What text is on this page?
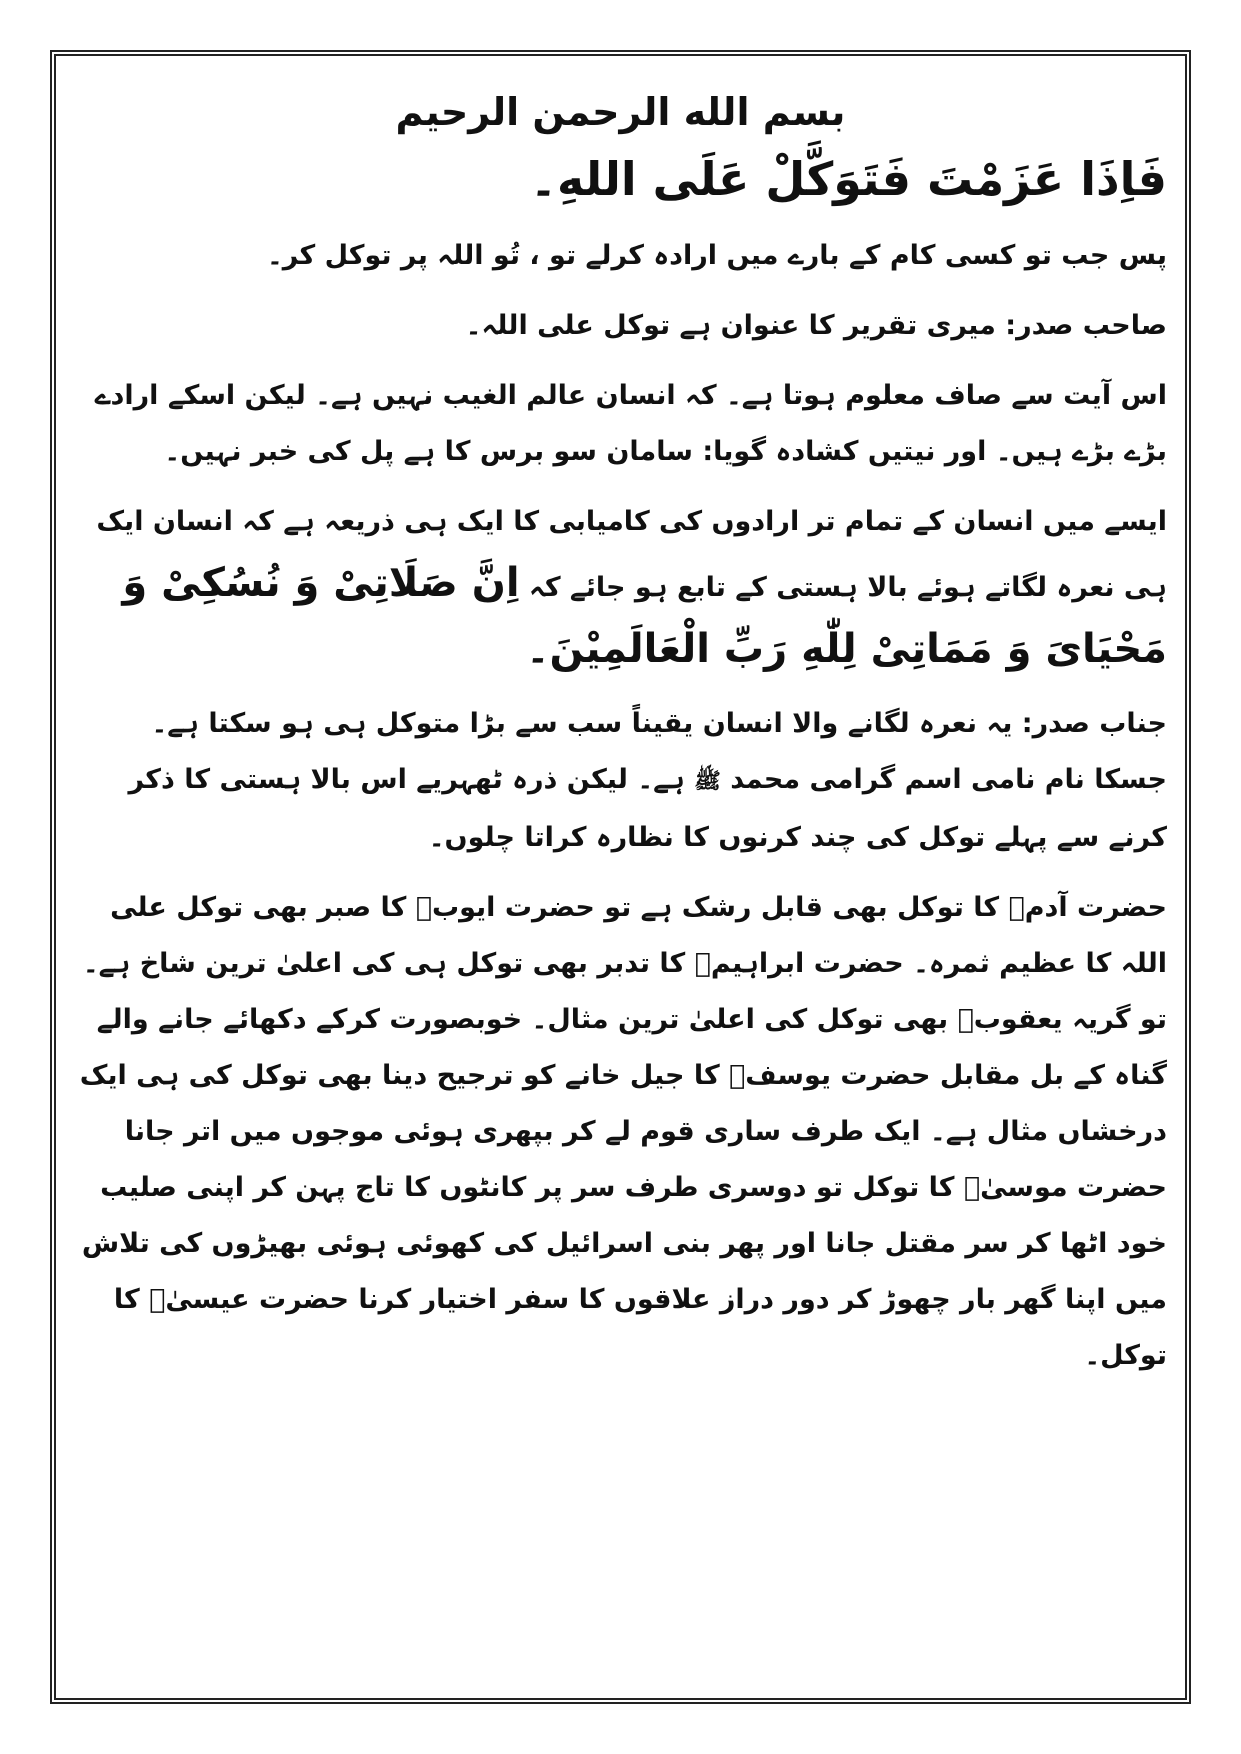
بسم الله الرحمن الرحیم
فَاِذَا عَزَمْتَ فَتَوَكَّلْ عَلَى اللهِ۔
پس جب تو کسی کام کے بارے میں ارادہ کرلے تو ، تُو اللہ پر توکل کر۔
صاحب صدر: میری تقریر کا عنوان ہے توکل علی اللہ۔
اس آیت سے صاف معلوم ہوتا ہے۔ کہ انسان عالم الغیب نہیں ہے۔ لیکن اسکے ارادے بڑے بڑے ہیں۔ اور نیتیں کشادہ گویا: سامان سو برس کا ہے پل کی خبر نہیں۔
ایسے میں انسان کے تمام تر ارادوں کی کامیابی کا ایک ہی ذریعہ ہے کہ انسان ایک ہی نعرہ لگاتے ہوئے بالا ہستی کے تابع ہو جائے کہ اِنَّ صَلَاتِیْ وَ نُسُكِیْ وَ مَحْیَایَ وَ مَمَاتِیْ لِلّٰهِ رَبِّ الْعَالَمِیْنَ۔
جناب صدر: یہ نعرہ لگانے والا انسان یقیناً سب سے بڑا متوکل ہی ہو سکتا ہے۔ جسکا نام نامی اسم گرامی محمد ﷺ ہے۔ لیکن ذرہ ٹھہریے اس بالا ہستی کا ذکر کرنے سے پہلے توکل کی چند کرنوں کا نظارہ کراتا چلوں۔
حضرت آدمؑ کا توکل بھی قابل رشک ہے تو حضرت ایوبؑ کا صبر بھی توکل علی اللہ کا عظیم ثمرہ۔ حضرت ابراہیمؑ کا تدبر بھی توکل ہی کی اعلیٰ ترین شاخ ہے۔ تو گریہ یعقوبؑ بھی توکل کی اعلیٰ ترین مثال۔ خوبصورت کرکے دکھائے جانے والے گناہ کے بل مقابل حضرت یوسفؑ کا جیل خانے کو ترجیح دینا بھی توکل کی ہی ایک درخشاں مثال ہے۔ ایک طرف ساری قوم لے کر بپھری ہوئی موجوں میں اتر جانا حضرت موسیٰؑ کا توکل تو دوسری طرف سر پر کانٹوں کا تاج پہن کر اپنی صلیب خود اٹھا کر سر مقتل جانا اور پھر بنی اسرائیل کی کھوئی ہوئی بھیڑوں کی تلاش میں اپنا گھر بار چھوڑ کر دور دراز علاقوں کا سفر اختیار کرنا حضرت عیسیٰؑ کا توکل۔
